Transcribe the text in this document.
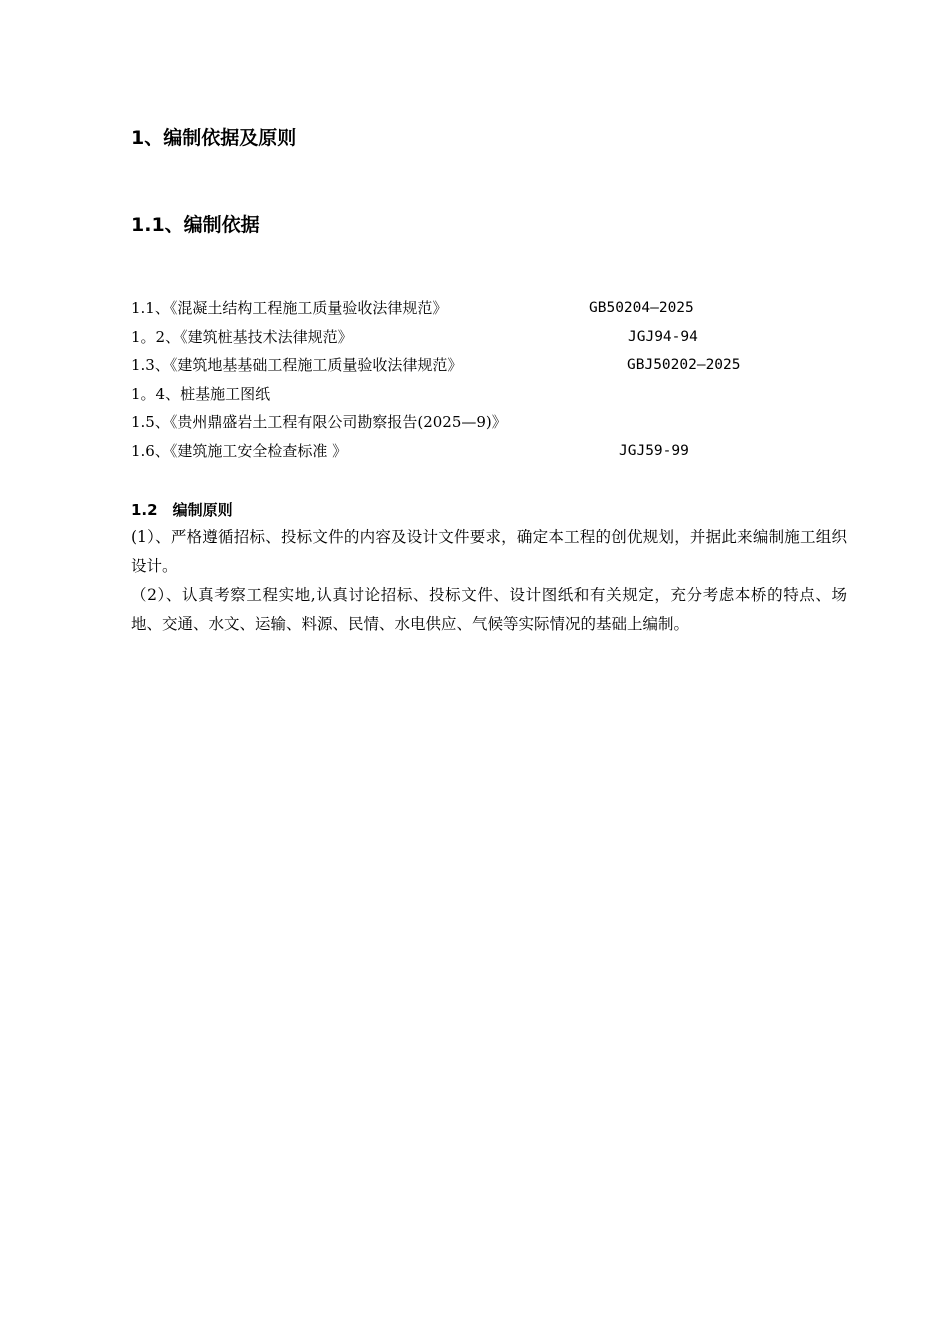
1、编制依据及原则
1.1、编制依据
1.1、《混凝土结构工程施工质量验收法律规范》	GB50204—2025
1。2、《建筑桩基技术法律规范》	JGJ94-94
1.3、《建筑地基基础工程施工质量验收法律规范》	GBJ50202—2025
1。4、桩基施工图纸
1.5、《贵州鼎盛岩土工程有限公司勘察报告(2025—9)》
1.6、《建筑施工安全检查标准 》	JGJ59-99
1.2　编制原则

(1）、严格遵循招标、投标文件的内容及设计文件要求，确定本工程的创优规划，并据此来编制施工组织设计。

（2）、认真考察工程实地,认真讨论招标、投标文件、设计图纸和有关规定，充分考虑本桥的特点、场地、交通、水文、运输、料源、民情、水电供应、气候等实际情况的基础上编制。
